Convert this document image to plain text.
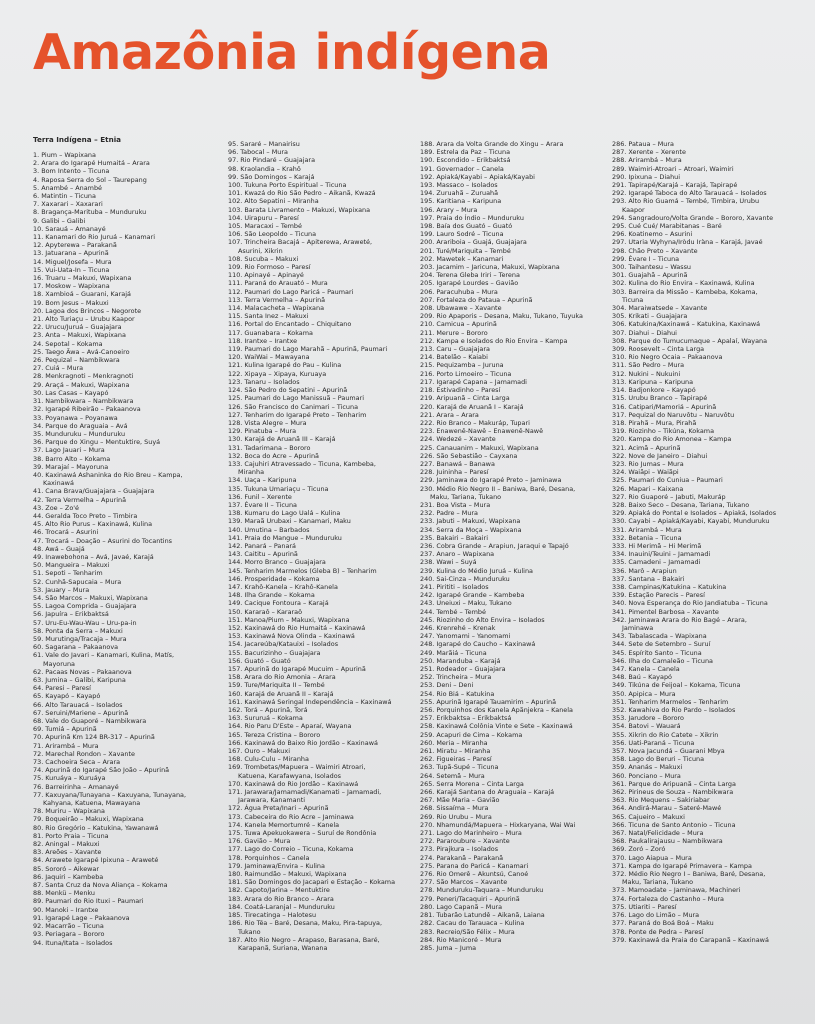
Amazônia indígena
Terra Indígena – Etnia
1. Pium – Wapixana
2. Arara do Igarapé Humaitá – Arara
3. Bom Intento – Ticuna
4. Raposa Serra do Sol – Taurepang
5. Anambé – Anambé
6. Matintin – Ticuna
7. Xaxarari – Xaxarari
8. Bragança-Marituba – Munduruku
9. Galibi – Galibi
10. Sarauá – Amanayé
11. Kanamari do Rio Juruá – Kanamari
12. Apyterewa – Parakanã
13. Jatuarana – Apurinã
14. Miguel/Josefa – Mura
15. Vui-Uata-In – Ticuna
16. Truaru – Makuxi, Wapixana
17. Moskow – Wapixana
18. Xambioá – Guarani, Karajá
19. Bom Jesus – Makuxi
20. Lagoa dos Brincos – Negorote
21. Alto Turiaçu – Urubu Kaapor
22. Urucu/Juruá – Guajajara
23. Anta – Makuxi, Wapixana
24. Sepotal – Kokama
25. Taego Ãwa – Avá-Canoeiro
26. Pequizal – Nambikwara
27. Cuiá – Mura
28. Menkragnoti – Menkragnoti
29. Araçá – Makuxi, Wapixana
30. Las Casas – Kayapó
31. Nambikwara – Nambikwara
32. Igarapé Ribeirão – Pakaanova
33. Poyanawa – Poyanawa
34. Parque do Araguaia – Avá
35. Munduruku – Munduruku
36. Parque do Xingu – Mentuktire, Suyá
37. Lago Jauari – Mura
38. Barro Alto – Kokama
39. Marajaí – Mayoruna
40. Kaxinawá Ashaninka do Rio Breu – Kampa,
Kaxinawá
41. Cana Brava/Guajajara – Guajajara
42. Terra Vermelha – Apurinã
43. Zoe – Zo'é
44. Geralda Toco Preto – Timbira
45. Alto Rio Purus – Kaxinawá, Kulina
46. Trocará – Asurini
47. Trocará – Doação – Asurini do Tocantins
48. Awá – Guajá
49. Inawebohona – Avá, Javaé, Karajá
50. Mangueira – Makuxi
51. Sepoti – Tenharim
52. Cunhã-Sapucaia – Mura
53. Jauary – Mura
54. São Marcos – Makuxi, Wapixana
55. Lagoa Comprida – Guajajara
56. Japuíra – Erikbaktsá
57. Uru-Eu-Wau-Wau – Uru-pa-in
58. Ponta da Serra – Makuxi
59. Murutinga/Tracaja – Mura
60. Sagarana – Pakaanova
61. Vale do Javari – Kanamari, Kulina, Matís,
Mayoruna
62. Pacaas Novas – Pakaanova
63. Jumina – Galibi, Karipuna
64. Paresi – Paresí
65. Kayapó – Kayapó
66. Alto Tarauacá – Isolados
67. Seruini/Mariene – Apurinã
68. Vale do Guaporé – Nambikwara
69. Tumiá – Apurinã
70. Apurinã Km 124 BR-317 – Apurinã
71. Arirambá – Mura
72. Marechal Rondon – Xavante
73. Cachoeira Seca – Arara
74. Apurinã do Igarapé São João – Apurinã
75. Kuruáya – Kuruáya
76. Barreirinha – Amanayé
77. Kaxuyana/Tunayana – Kaxuyana, Tunayana,
Kahyana, Katuena, Mawayana
78. Muriru – Wapixana
79. Boqueirão – Makuxi, Wapixana
80. Rio Gregório – Katukina, Yawanawá
81. Porto Praia – Ticuna
82. Aningal – Makuxi
83. Areões – Xavante
84. Arawete Igarapé Ipixuna – Araweté
85. Sororó – Aikewar
86. Jaquiri – Kambeba
87. Santa Cruz da Nova Aliança – Kokama
88. Menkü – Menku
89. Paumari do Rio Ituxi – Paumari
90. Manoki – Irantxe
91. Igarapé Lage – Pakaanova
92. Macarrão – Ticuna
93. Periagara – Bororo
94. Ituna/Itata – Isolados
95. Sararé – Manairisu
96. Tabocal – Mura
97. Rio Pindaré – Guajajara
98. Kraolandia – Krahô
99. São Domingos – Karajá
100. Tukuna Porto Espiritual – Ticuna
101. Kwazá do Rio São Pedro – Aikanã, Kwazá
102. Alto Sepatini – Miranha
103. Barata Livramento – Makuxi, Wapixana
104. Uirapuru – Paresí
105. Maracaxi – Tembé
106. São Leopoldo – Ticuna
107. Trincheira Bacajá – Apiterewa, Araweté,
Asurini, Xikrin
108. Sucuba – Makuxi
109. Rio Formoso – Paresí
110. Apinayé – Apinayé
111. Paraná do Arauató – Mura
112. Paumari do Lago Paricá – Paumari
113. Terra Vermelha – Apurinã
114. Malacacheta – Wapixana
115. Santa Inez – Makuxi
116. Portal do Encantado – Chiquitano
117. Guanabara – Kokama
118. Irantxe – Irantxe
119. Paumari do Lago Marahã – Apurinã, Paumari
120. WaiWai – Mawayana
121. Kulina Igarapé do Pau – Kulina
122. Xipaya – Xipaya, Kuruaya
123. Tanaru – Isolados
124. São Pedro do Sepatini – Apurinã
125. Paumari do Lago Manissuã – Paumari
126. São Francisco do Canimari – Ticuna
127. Tenharim do Igarapé Preto – Tenharim
128. Vista Alegre – Mura
129. Pinatuba – Mura
130. Karajá de Aruanã III – Karajá
131. Tadarimana – Bororo
132. Boca do Acre – Apurinã
133. Cajuhiri Atravessado – Ticuna, Kambeba,
Miranha
134. Uaça – Karipuna
135. Tukuna Umariaçu – Ticuna
136. Funil – Xerente
137. Évare II – Ticuna
138. Kumaru do Lago Ualá – Kulina
139. Maraã Urubaxi – Kanamari, Maku
140. Umutina – Barbados
141. Praia do Mangue – Munduruku
142. Panará – Panará
143. Caititu – Apurinã
144. Morro Branco – Guajajara
145. Tenharim Marmelos (Gleba B) – Tenharim
146. Prosperidade – Kokama
147. Krahô-Kanela – Krahô-Kanela
148. Ilha Grande – Kokama
149. Cacique Fontoura – Karajá
150. Kararaô – Kararaô
151. Manoa/Pium – Makuxi, Wapixana
152. Kaxinawá do Rio Humaitá – Kaxinawá
153. Kaxinawá Nova Olinda – Kaxinawá
154. Jacareúba/Katauixi – Isolados
155. Bacurizinho – Guajajara
156. Guató – Guató
157. Apurinã do Igarapé Mucuim – Apurinã
158. Arara do Rio Amonia – Arara
159. Ture/Mariquita II – Tembé
160. Karajá de Aruanã II – Karajá
161. Kaxinawá Seringal Independência – Kaxinawá
162. Torá – Apurinã, Torá
163. Sururuá – Kokama
164. Rio Paru D'Este – Aparaí, Wayana
165. Tereza Cristina – Bororo
166. Kaxinawá do Baixo Rio Jordão – Kaxinawá
167. Ouro – Makuxi
168. Culu-Culu – Miranha
169. Trombetas/Mapuera – Waimiri Atroari,
Katuena, Karafawyana, Isolados
170. Kaxinawá do Rio Jordão – Kaxinawá
171. Jarawara/Jamamadi/Kanamati – Jamamadi,
Jarawara, Kanamanti
172. Água Preta/Inari – Apurinã
173. Cabeceira do Rio Acre – Jaminawa
174. Kanela Memortumré – Kanela
175. Tuwa Apekuokawera – Suruí de Rondônia
176. Gavião – Mura
177. Lago do Correio – Ticuna, Kokama
178. Porquinhos – Canela
179. Jaminawa/Envira – Kulina
180. Raimundão – Makuxi, Wapixana
181. São Domingos do Jacapari e Estação – Kokama
182. Capoto/Jarina – Mentuktire
183. Arara do Rio Branco – Arara
184. Coatá-Laranjal – Munduruku
185. Tirecatinga – Halotesu
186. Rio Téa – Baré, Desana, Maku, Pira-tapuya,
Tukano
187. Alto Rio Negro – Arapaso, Barasana, Baré,
Karapanã, Suriana, Wanana
188. Arara da Volta Grande do Xingu – Arara
189. Estrela da Paz – Ticuna
190. Escondido – Erikbaktsá
191. Governador – Canela
192. Apiaká/Kayabi – Apiaká/Kayabi
193. Massaco – Isolados
194. Zuruahã – Zuruahã
195. Karitiana – Karipuna
196. Arary – Mura
197. Praia do Índio – Munduruku
198. Baía dos Guató – Guató
199. Lauro Sodré – Ticuna
200. Arariboia – Guajá, Guajajara
201. Turé/Mariquita – Tembé
202. Mawetek – Kanamari
203. Jacamim – Jaricuna, Makuxi, Wapixana
204. Terena Gleba Iriri – Terena
205. Igarapé Lourdes – Gavião
206. Paracuhuba – Mura
207. Fortaleza do Pataua – Apurinã
208. Ubawawe – Xavante
209. Rio Apaporis – Desana, Maku, Tukano, Tuyuka
210. Camicua – Apurinã
211. Merure – Bororo
212. Kampa e Isolados do Rio Envira – Kampa
213. Caru – Guajajara
214. Batelão – Kaiabi
215. Pequizamba – Juruna
216. Porto Limoeiro – Ticuna
217. Igarapé Capana – Jamamadi
218. Estivadinho – Paresí
219. Aripuanã – Cinta Larga
220. Karajá de Aruanã I – Karajá
221. Arara – Arara
222. Rio Branco – Makuráp, Tupari
223. Enawenê-Nawê – Enawenê-Nawê
224. Wedezé – Xavante
225. Canauanim – Makuxi, Wapixana
226. São Sebastião – Cayxana
227. Banawá – Banawa
228. Juininha – Paresí
229. Jaminawa do Igarapé Preto – Jaminawa
230. Médio Rio Negro II – Baniwa, Baré, Desana,
Maku, Tariana, Tukano
231. Boa Vista – Mura
232. Padre – Mura
233. Jabuti – Makuxi, Wapixana
234. Serra da Moça – Wapixana
235. Bakairi – Bakairi
236. Cobra Grande – Arapiun, Jaraqui e Tapajó
237. Anaro – Wapixana
238. Wawi – Suyá
239. Kulina do Médio Juruá – Kulina
240. Sai-Cinza – Munduruku
241. Pirititi – Isolados
242. Igarapé Grande – Kambeba
243. Uneiuxi – Maku, Tukano
244. Tembé – Tembé
245. Riozinho do Alto Envira – Isolados
246. Krenrehé – Krenak
247. Yanomami – Yanomami
248. Igarapé do Caucho – Kaxinawá
249. Marãiá – Ticuna
250. Maranduba – Karajá
251. Rodeador – Guajajara
252. Trincheira – Mura
253. Deni – Deni
254. Rio Biá – Katukina
255. Apurinã Igarapé Tauamirim – Apurinã
256. Porquinhos dos Kanela Apãnjekra – Kanela
257. Erikbaktsa – Erikbaktsá
258. Kaxinawá Colônia Vinte e Sete – Kaxinawá
259. Acapuri de Cima – Kokama
260. Meria – Miranha
261. Miratu – Miranha
262. Figueiras – Paresí
263. Tupã-Supé – Ticuna
264. Setemã – Mura
265. Serra Morena – Cinta Larga
266. Karajá Santana do Araguaia – Karajá
267. Mãe Maria – Gavião
268. Sissaíma – Mura
269. Rio Urubu – Mura
270. Nhamundá/Mapuera – Hixkaryana, Wai Wai
271. Lago do Marinheiro – Mura
272. Pararoubure – Xavante
273. Pirajkura – Isolados
274. Parakanã – Parakanã
275. Parana do Paricá – Kanamari
276. Rio Omerê – Akuntsú, Canoé
277. São Marcos – Xavante
278. Munduruku-Taquara – Munduruku
279. Peneri/Tacaquiri – Apurinã
280. Lago Capanã – Mura
281. Tubarão Latundê – Aikanã, Laiana
282. Cacau do Tarauaca – Kulina
283. Recreio/São Félix – Mura
284. Rio Manicoré – Mura
285. Juma – Juma
286. Pataua – Mura
287. Xerente – Xerente
288. Arirambá – Mura
289. Waimiri-Atroari – Atroari, Waimiri
290. Ipixuna – Diahui
291. Tapirapé/Karajá – Karajá, Tapirapé
292. Igarapé Taboca do Alto Tarauacá – Isolados
293. Alto Rio Guamá – Tembé, Timbira, Urubu
Kaapor
294. Sangradouro/Volta Grande – Bororo, Xavante
295. Cué Cué/ Marabitanas – Baré
296. Koatinemo – Asurini
297. Utaria Wyhyna/Iròdu Iràna – Karajá, Javaé
298. Chão Preto – Xavante
299. Évare I – Ticuna
300. Taihantesu – Wassu
301. Guajahã – Apurinã
302. Kulina do Rio Envira – Kaxinawá, Kulina
303. Barreira da Missão – Kambeba, Kokama,
Ticuna
304. Maraiwatsede – Xavante
305. Krikati – Guajajara
306. Katukina/Kaxinawá – Katukina, Kaxinawá
307. Diahui – Diahui
308. Parque do Tumucumaque – Apalaí, Wayana
309. Roosevelt – Cinta Larga
310. Rio Negro Ocaia – Pakaanova
311. São Pedro – Mura
312. Nukini – Nukuini
313. Karipuna – Karipuna
314. Badjonkore – Kayapó
315. Urubu Branco – Tapirapé
316. Catipari/Mamoriá – Apurinã
317. Pequizal do Naruvôtu – Naruvôtu
318. Pirahã – Mura, Pirahã
319. Riozinho – Tikúna, Kokama
320. Kampa do Rio Amonea – Kampa
321. Acimã – Apurinã
322. Nove de Janeiro – Diahui
323. Rio Jumas – Mura
324. Waiãpi – Waiãpi
325. Paumari do Cuniua – Paumari
326. Mapari – Kaixana
327. Rio Guaporé – Jabuti, Makuráp
328. Baixo Seco – Desana, Tariana, Tukano
329. Apiaká do Pontal e Isolados – Apiaká, Isolados
330. Cayabi – Apiaká/Kayabi, Kayabi, Munduruku
331. Arirambá – Mura
332. Betania – Ticuna
333. Hi Merimã – Hi Merimã
334. Inauini/Teuini – Jamamadi
335. Camadeni – Jamamadi
336. Marô – Arapiun
337. Santana – Bakairi
338. Campinas/Katukina – Katukina
339. Estação Parecis – Paresí
340. Nova Esperança do Rio Jandiatuba – Ticuna
341. Pimentel Barbosa – Xavante
342. Jaminawa Arara do Rio Bagé – Arara,
Jaminawa
343. Tabalascada – Wapixana
344. Sete de Setembro – Suruí
345. Espírito Santo – Ticuna
346. Ilha do Camaleão – Ticuna
347. Kanela – Canela
348. Baú – Kayapó
349. Tikúna de Feijoal – Kokama, Ticuna
350. Apipica – Mura
351. Tenharim Marmelos – Tenharim
352. Kawahiva do Rio Pardo – Isolados
353. Jarudore – Bororo
354. Batovi – Wauará
355. Xikrin do Rio Catete – Xikrin
356. Uati-Paraná – Ticuna
357. Nova Jacundá – Guarani Mbya
358. Lago do Beruri – Ticuna
359. Ananás – Makuxi
360. Ponciano – Mura
361. Parque do Aripuanã – Cinta Larga
362. Pirineus de Souza – Nambikwara
363. Rio Mequens – Sakiriabar
364. Andirá-Marau – Sateré-Mawé
365. Cajueiro – Makuxi
366. Ticuna de Santo Antonio – Ticuna
367. Natal/Felicidade – Mura
368. Paukalirajausu – Nambikwara
369. Zoró – Zoró
370. Lago Aiapua – Mura
371. Kampa do Igarapé Primavera – Kampa
372. Médio Rio Negro I – Baniwa, Baré, Desana,
Maku, Tariana, Tukano
373. Mamoadate – Jaminawa, Machineri
374. Fortaleza do Castanho – Mura
375. Utiariti – Paresí
376. Lago do Limão – Mura
377. Paraná do Boá Boá – Maku
378. Ponte de Pedra – Paresí
379. Kaxinawá da Praia do Carapanã – Kaxinawá
